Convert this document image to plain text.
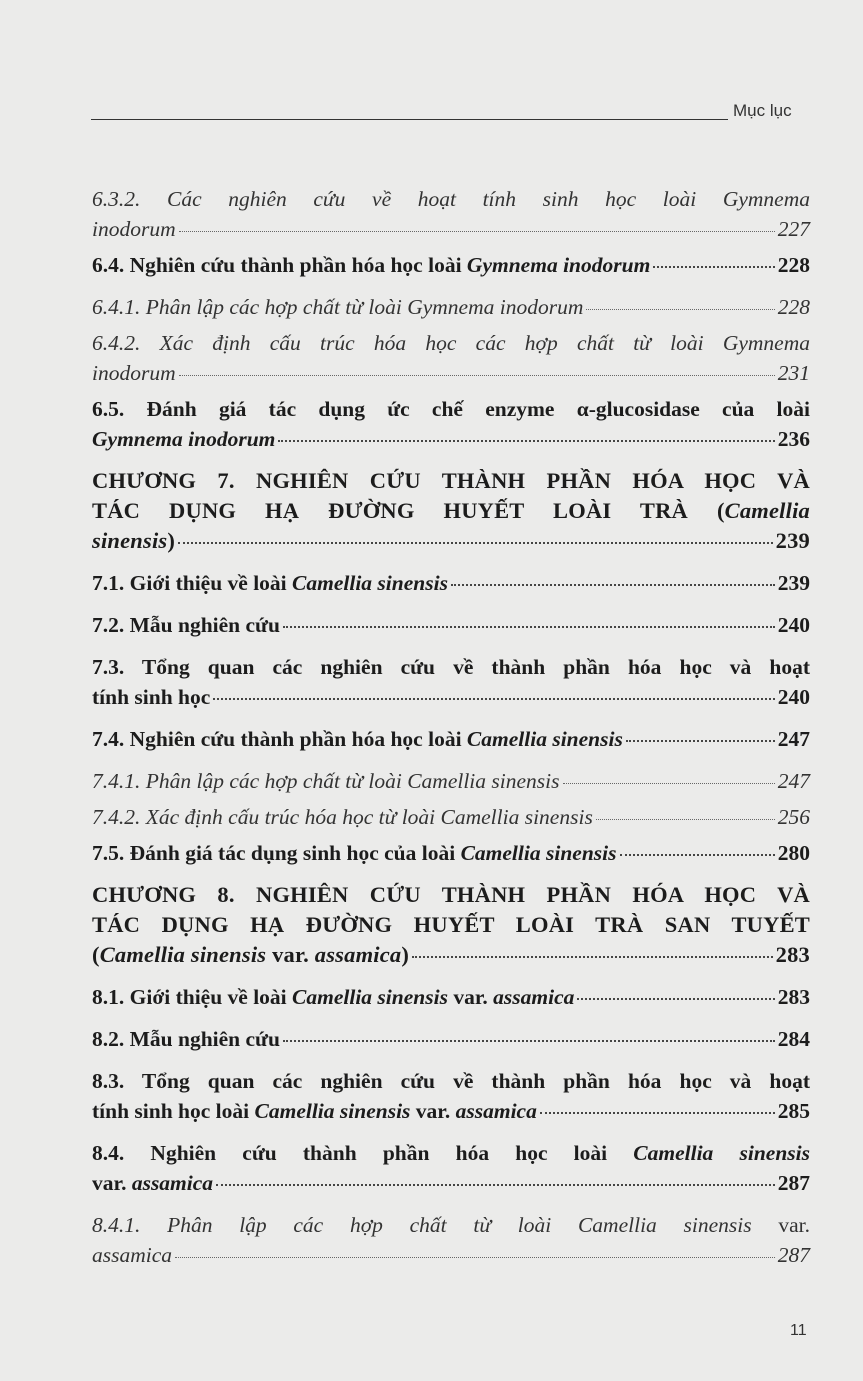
Mục lục
6.3.2. Các nghiên cứu về hoạt tính sinh học loài Gymnema
inodorum	227
6.4. Nghiên cứu thành phần hóa học loài Gymnema inodorum	228
6.4.1. Phân lập các hợp chất từ loài Gymnema inodorum	228
6.4.2. Xác định cấu trúc hóa học các hợp chất từ loài Gymnema
inodorum	231
6.5. Đánh giá tác dụng ức chế enzyme α-glucosidase của loài
Gymnema inodorum	236
CHƯƠNG 7. NGHIÊN CỨU THÀNH PHẦN HÓA HỌC VÀ
TÁC DỤNG HẠ ĐƯỜNG HUYẾT LOÀI TRÀ (Camellia
sinensis)	239
7.1. Giới thiệu về loài Camellia sinensis	239
7.2. Mẫu nghiên cứu	240
7.3. Tổng quan các nghiên cứu về thành phần hóa học và hoạt
tính sinh học	240
7.4. Nghiên cứu thành phần hóa học loài Camellia sinensis	247
7.4.1. Phân lập các hợp chất từ loài Camellia sinensis	247
7.4.2. Xác định cấu trúc hóa học từ loài Camellia sinensis	256
7.5. Đánh giá tác dụng sinh học của loài Camellia sinensis	280
CHƯƠNG 8. NGHIÊN CỨU THÀNH PHẦN HÓA HỌC VÀ
TÁC DỤNG HẠ ĐƯỜNG HUYẾT LOÀI TRÀ SAN TUYẾT
(Camellia sinensis var. assamica)	283
8.1. Giới thiệu về loài Camellia sinensis var. assamica	283
8.2. Mẫu nghiên cứu	284
8.3. Tổng quan các nghiên cứu về thành phần hóa học và hoạt
tính sinh học loài Camellia sinensis var. assamica	285
8.4. Nghiên cứu thành phần hóa học loài Camellia sinensis
var. assamica	287
8.4.1. Phân lập các hợp chất từ loài Camellia sinensis var.
assamica	287
11
